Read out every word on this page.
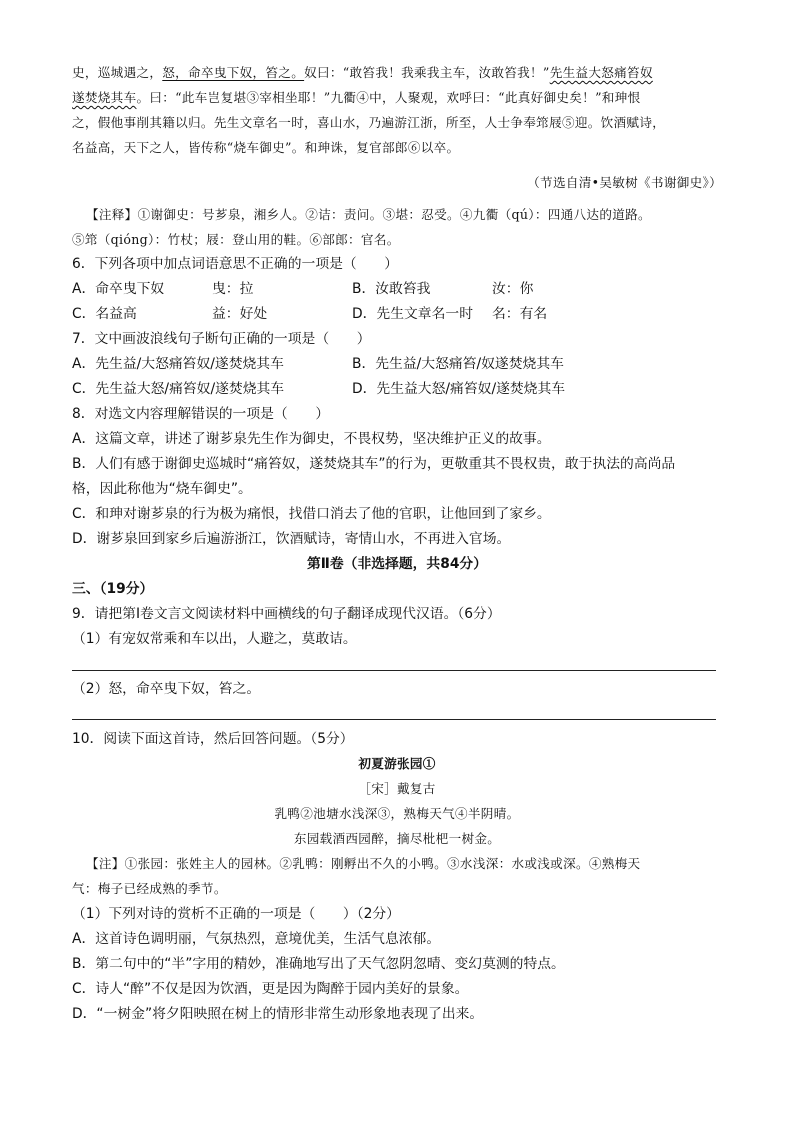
史，巡城遇之，怒，命卒曳下奴，笞之。奴曰：“敢笞我！我乘我主车，汝敢笞我！”先生益大怒痛笞奴
遂焚烧其车。曰：“此车岂复堪③宰相坐耶！”九衢④中，人聚观，欢呼曰：“此真好御史矣！”和珅恨
之，假他事削其籍以归。先生文章名一时，喜山水，乃遍游江浙，所至，人士争奉筇屐⑤迎。饮酒赋诗，
名益高，天下之人，皆传称“烧车御史”。和珅诛，复官部郎⑥以卒。
（节选自清•吴敏树《书谢御史》）
【注释】①谢御史：号芗泉，湘乡人。②诘：责问。③堪：忍受。④九衢（qú）：四通八达的道路。
⑤筇（qióng）：竹杖；屐：登山用的鞋。⑥部郎：官名。
6．下列各项中加点词语意思不正确的一项是（　　）
A．命卒曳下奴	曳：拉	B．汝敢笞我	汝：你
C．名益高	益：好处	D．先生文章名一时 名：有名
7．文中画波浪线句子断句正确的一项是（　　）
A．先生益/大怒痛笞奴/遂焚烧其车	B．先生益/大怒痛笞/奴遂焚烧其车
C．先生益大怒/痛笞奴/遂焚烧其车	D．先生益大怒/痛笞奴/遂焚烧其车
8．对选文内容理解错误的一项是（　　）
A．这篇文章，讲述了谢芗泉先生作为御史，不畏权势，坚决维护正义的故事。
B．人们有感于谢御史巡城时“痛笞奴，遂焚烧其车”的行为，更敬重其不畏权贵，敢于执法的高尚品
格，因此称他为“烧车御史”。
C．和珅对谢芗泉的行为极为痛恨，找借口消去了他的官职，让他回到了家乡。
D．谢芗泉回到家乡后遍游浙江，饮酒赋诗，寄情山水，不再进入官场。
第Ⅱ卷（非选择题，共84分）
三、（19分）
9．请把第Ⅰ卷文言文阅读材料中画横线的句子翻译成现代汉语。（6分）
（1）有宠奴常乘和车以出，人避之，莫敢诘。
（2）怒，命卒曳下奴，笞之。
10．阅读下面这首诗，然后回答问题。（5分）
初夏游张园①
［宋］戴复古
乳鸭②池塘水浅深③，熟梅天气④半阴晴。
东园载酒西园醉，摘尽枇杷一树金。
【注】①张园：张姓主人的园林。②乳鸭：刚孵出不久的小鸭。③水浅深：水或浅或深。④熟梅天
气：梅子已经成熟的季节。
（1）下列对诗的赏析不正确的一项是（　　）（2分）
A．这首诗色调明丽，气氛热烈，意境优美，生活气息浓郁。
B．第二句中的“半”字用的精妙，准确地写出了天气忽阴忽晴、变幻莫测的特点。
C．诗人“醉”不仅是因为饮酒，更是因为陶醉于园内美好的景象。
D．“一树金”将夕阳映照在树上的情形非常生动形象地表现了出来。
